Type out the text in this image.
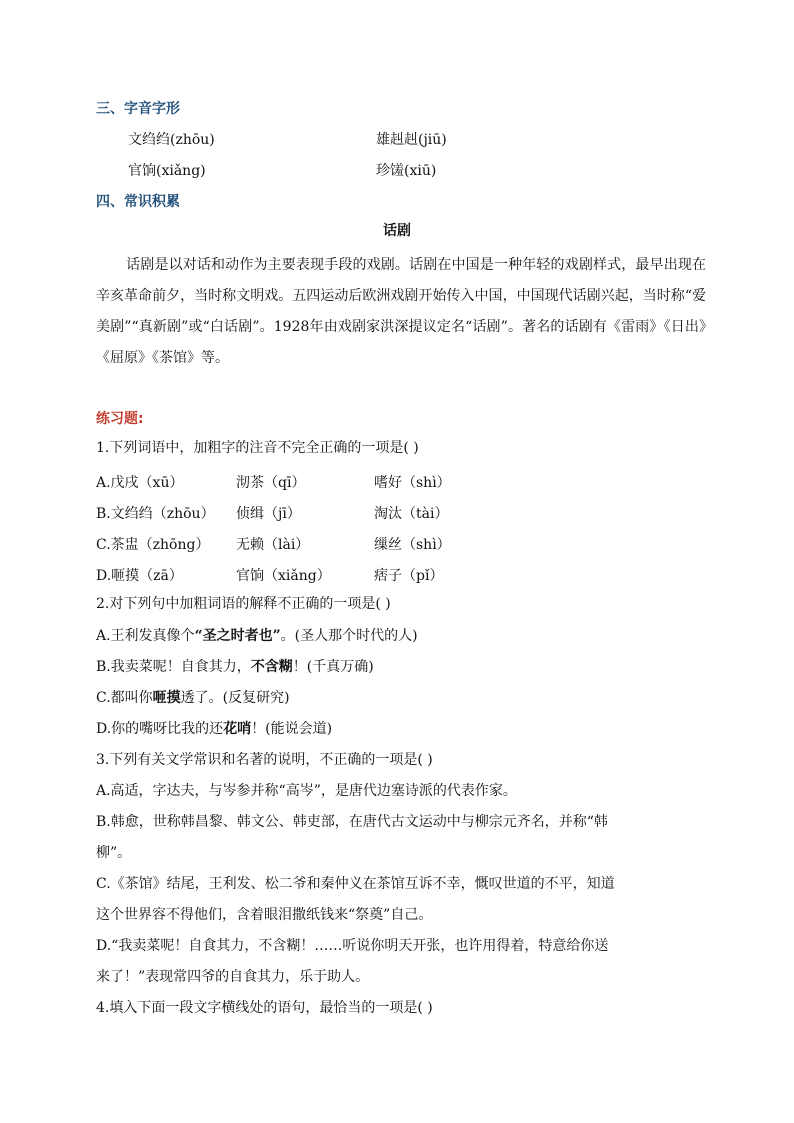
三、字音字形
文绉绉(zhōu)	雄赳赳(jiū)
官饷(xiǎng)	珍馐(xiū)
四、常识积累
话剧
话剧是以对话和动作为主要表现手段的戏剧。话剧在中国是一种年轻的戏剧样式，最早出现在辛亥革命前夕，当时称文明戏。五四运动后欧洲戏剧开始传入中国，中国现代话剧兴起，当时称“爱美剧”“真新剧”或“白话剧”。1928年由戏剧家洪深提议定名“话剧”。著名的话剧有《雷雨》《日出》《屈原》《茶馆》等。
练习题:
1.下列词语中，加粗字的注音不完全正确的一项是( )
A.戊戌（xū）	沏茶（qī）	嗜好（shì）
B.文绉绉（zhōu） 侦缉（jī）	淘汰（tài）
C.茶盅（zhōng） 无赖（lài）	缫丝（shì）
D.咂摸（zā）	官饷（xiǎng）	痞子（pǐ）
2.对下列句中加粗词语的解释不正确的一项是( )
A.王利发真像个“圣之时者也”。(圣人那个时代的人)
B.我卖菜呢！自食其力，不含糊！(千真万确)
C.都叫你咂摸透了。(反复研究)
D.你的嘴呀比我的还花哨！(能说会道)
3.下列有关文学常识和名著的说明，不正确的一项是( )
A.高适，字达夫，与岑参并称“高岑”，是唐代边塞诗派的代表作家。
B.韩愈，世称韩昌黎、韩文公、韩吏部，在唐代古文运动中与柳宗元齐名，并称“韩
柳”。
C.《茶馆》结尾，王利发、松二爷和秦仲义在茶馆互诉不幸，慨叹世道的不平，知道
这个世界容不得他们，含着眼泪撒纸钱来“祭奠”自己。
D.“我卖菜呢！自食其力，不含糊！……听说你明天开张，也许用得着，特意给你送
来了！”表现常四爷的自食其力，乐于助人。
4.填入下面一段文字横线处的语句，最恰当的一项是( )
